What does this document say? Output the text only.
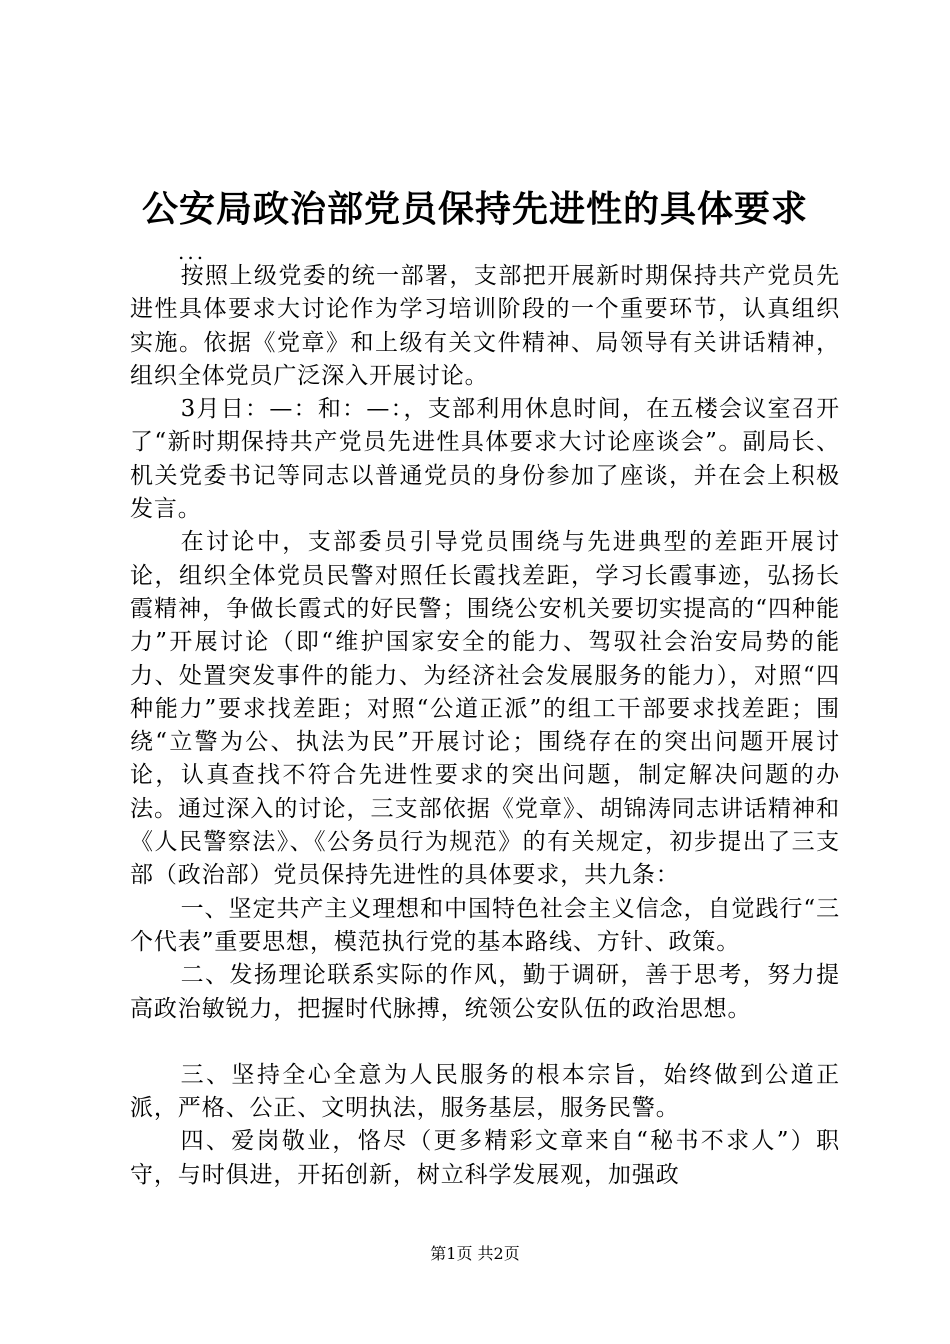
公安局政治部党员保持先进性的具体要求
...

按照上级党委的统一部署，支部把开展新时期保持共产党员先进性具体要求大讨论作为学习培训阶段的一个重要环节，认真组织实施。依据《党章》和上级有关文件精神、局领导有关讲话精神，组织全体党员广泛深入开展讨论。

3月日：—：和：—：，支部利用休息时间，在五楼会议室召开了“新时期保持共产党员先进性具体要求大讨论座谈会”。副局长、机关党委书记等同志以普通党员的身份参加了座谈，并在会上积极发言。

在讨论中，支部委员引导党员围绕与先进典型的差距开展讨论，组织全体党员民警对照任长霞找差距，学习长霞事迹，弘扬长霞精神，争做长霞式的好民警；围绕公安机关要切实提高的“四种能力”开展讨论（即“维护国家安全的能力、驾驭社会治安局势的能力、处置突发事件的能力、为经济社会发展服务的能力），对照“四种能力”要求找差距；对照“公道正派”的组工干部要求找差距；围绕“立警为公、执法为民”开展讨论；围绕存在的突出问题开展讨论，认真查找不符合先进性要求的突出问题，制定解决问题的办法。通过深入的讨论，三支部依据《党章》、胡锦涛同志讲话精神和《人民警察法》、《公务员行为规范》的有关规定，初步提出了三支部（政治部）党员保持先进性的具体要求，共九条：

一、坚定共产主义理想和中国特色社会主义信念，自觉践行“三个代表”重要思想，模范执行党的基本路线、方针、政策。

二、发扬理论联系实际的作风，勤于调研，善于思考，努力提高政治敏锐力，把握时代脉搏，统领公安队伍的政治思想。

三、坚持全心全意为人民服务的根本宗旨，始终做到公道正派，严格、公正、文明执法，服务基层，服务民警。

四、爱岗敬业，恪尽（更多精彩文章来自“秘书不求人”）职守，与时俱进，开拓创新，树立科学发展观，加强政

第1页 共2页
